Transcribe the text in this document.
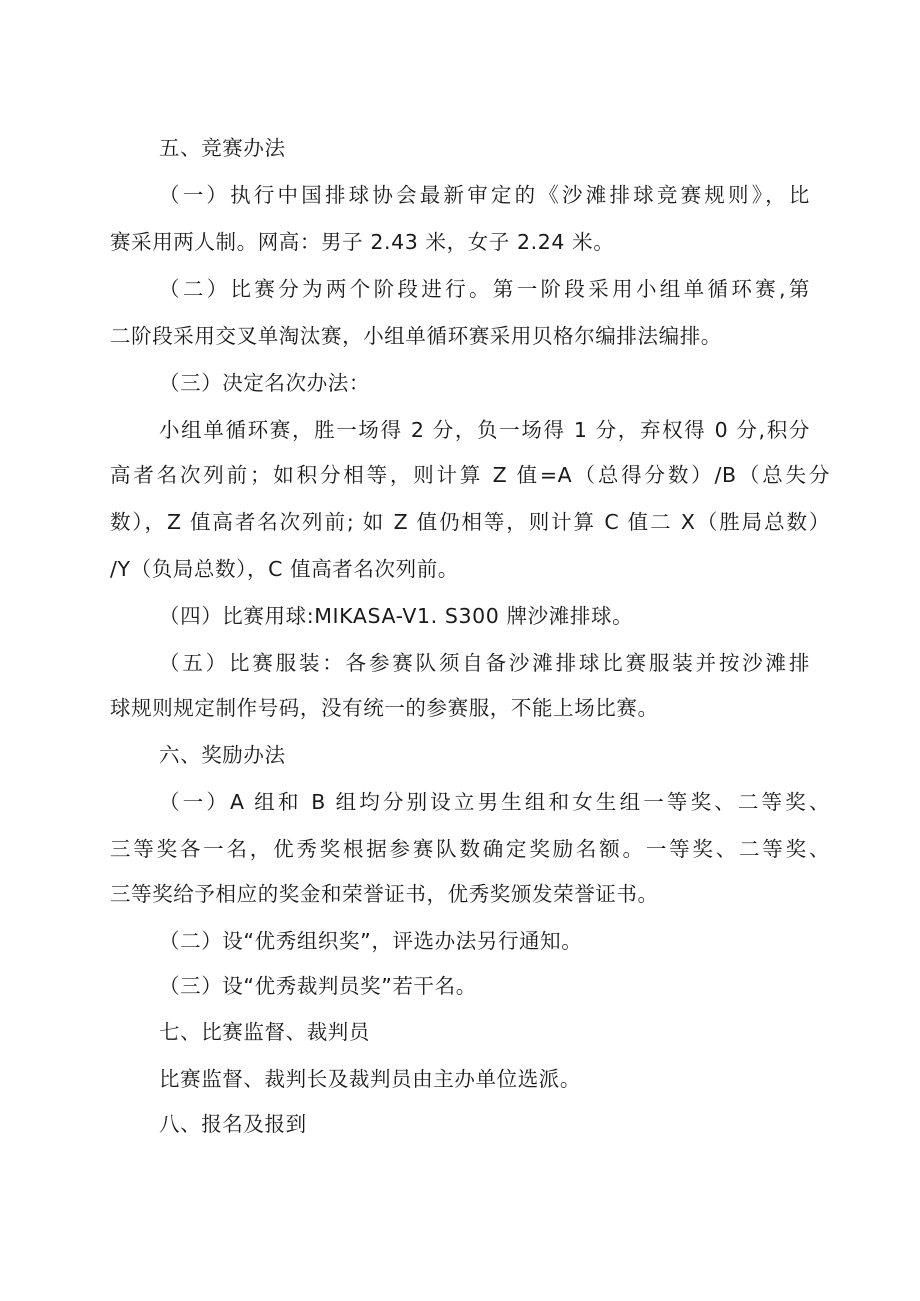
五、竞赛办法
（一）执行中国排球协会最新审定的《沙滩排球竞赛规则》，比
赛采用两人制。网高：男子 2.43 米，女子 2.24 米。
（二）比赛分为两个阶段进行。第一阶段采用小组单循环赛,第
二阶段采用交叉单淘汰赛，小组单循环赛采用贝格尔编排法编排。
（三）决定名次办法：
小组单循环赛，胜一场得 2 分，负一场得 1 分，弃权得 0 分,积分
高者名次列前；如积分相等，则计算 Z 值=A（总得分数）/B（总失分
数），Z 值高者名次列前; 如 Z 值仍相等，则计算 C 值二 X（胜局总数）
/Y（负局总数），C 值高者名次列前。
（四）比赛用球:MIKASA-V1. S300 牌沙滩排球。
（五）比赛服装：各参赛队须自备沙滩排球比赛服装并按沙滩排
球规则规定制作号码，没有统一的参赛服，不能上场比赛。
六、奖励办法
（一）A 组和 B 组均分别设立男生组和女生组一等奖、二等奖、
三等奖各一名，优秀奖根据参赛队数确定奖励名额。一等奖、二等奖、
三等奖给予相应的奖金和荣誉证书，优秀奖颁发荣誉证书。
（二）设“优秀组织奖”，评选办法另行通知。
（三）设“优秀裁判员奖”若干名。
七、比赛监督、裁判员
比赛监督、裁判长及裁判员由主办单位选派。
八、报名及报到
